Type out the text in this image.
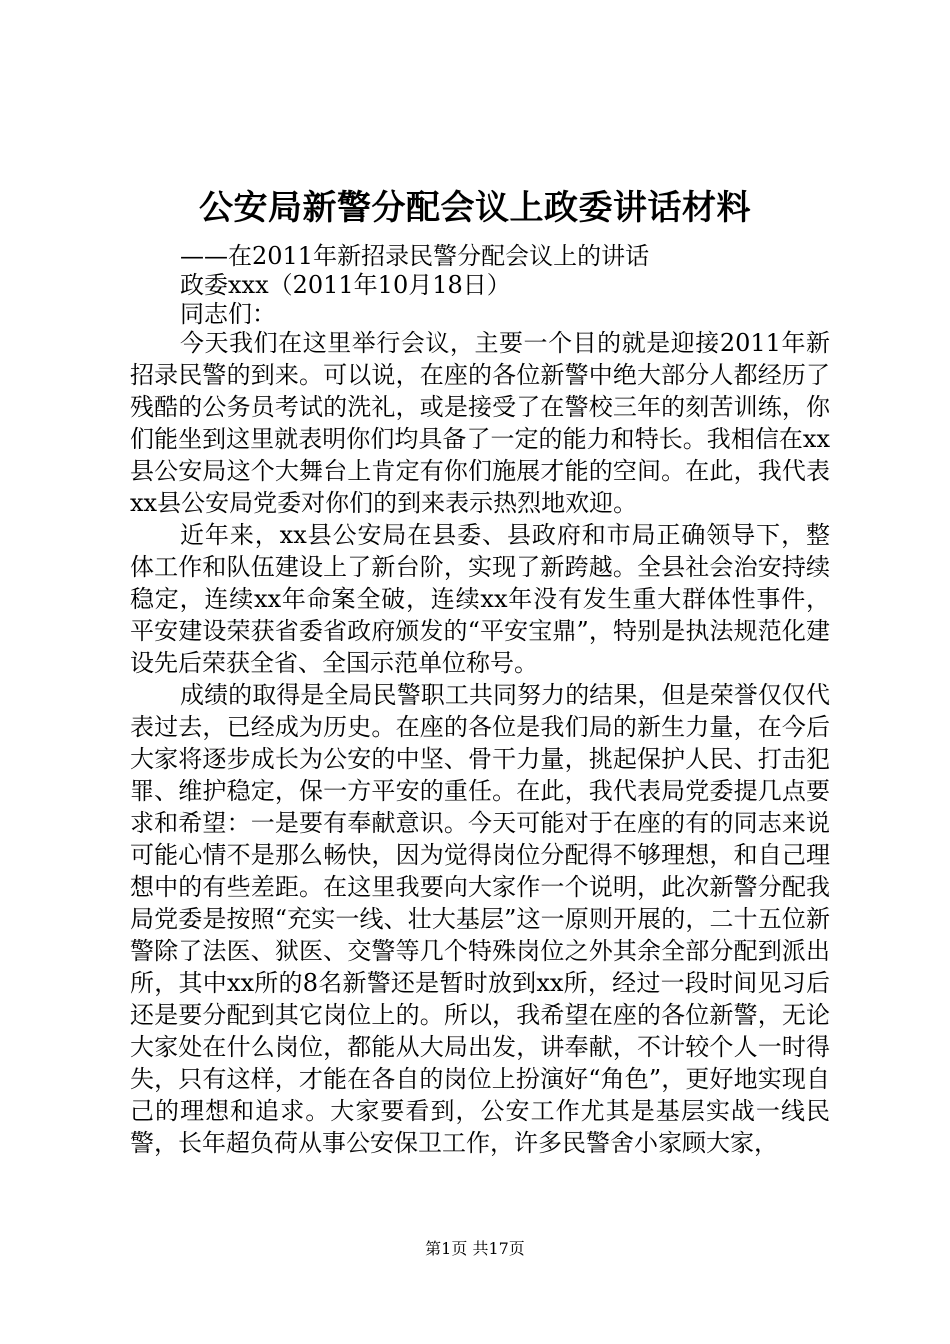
公安局新警分配会议上政委讲话材料
——在2011年新招录民警分配会议上的讲话
政委xxx（2011年10月18日）
同志们：

今天我们在这里举行会议，主要一个目的就是迎接2011年新招录民警的到来。可以说，在座的各位新警中绝大部分人都经历了残酷的公务员考试的洗礼，或是接受了在警校三年的刻苦训练，你们能坐到这里就表明你们均具备了一定的能力和特长。我相信在xx县公安局这个大舞台上肯定有你们施展才能的空间。在此，我代表xx县公安局党委对你们的到来表示热烈地欢迎。

近年来，xx县公安局在县委、县政府和市局正确领导下，整体工作和队伍建设上了新台阶，实现了新跨越。全县社会治安持续稳定，连续xx年命案全破，连续xx年没有发生重大群体性事件，平安建设荣获省委省政府颁发的“平安宝鼎”，特别是执法规范化建设先后荣获全省、全国示范单位称号。

成绩的取得是全局民警职工共同努力的结果，但是荣誉仅仅代表过去，已经成为历史。在座的各位是我们局的新生力量，在今后大家将逐步成长为公安的中坚、骨干力量，挑起保护人民、打击犯罪、维护稳定，保一方平安的重任。在此，我代表局党委提几点要求和希望：一是要有奉献意识。今天可能对于在座的有的同志来说可能心情不是那么畅快，因为觉得岗位分配得不够理想，和自己理想中的有些差距。在这里我要向大家作一个说明，此次新警分配我局党委是按照“充实一线、壮大基层”这一原则开展的，二十五位新警除了法医、狱医、交警等几个特殊岗位之外其余全部分配到派出所，其中xx所的8名新警还是暂时放到xx所，经过一段时间见习后还是要分配到其它岗位上的。所以，我希望在座的各位新警，无论大家处在什么岗位，都能从大局出发，讲奉献，不计较个人一时得失，只有这样，才能在各自的岗位上扮演好“角色”，更好地实现自己的理想和追求。大家要看到，公安工作尤其是基层实战一线民警，长年超负荷从事公安保卫工作，许多民警舍小家顾大家，

第1页 共17页
